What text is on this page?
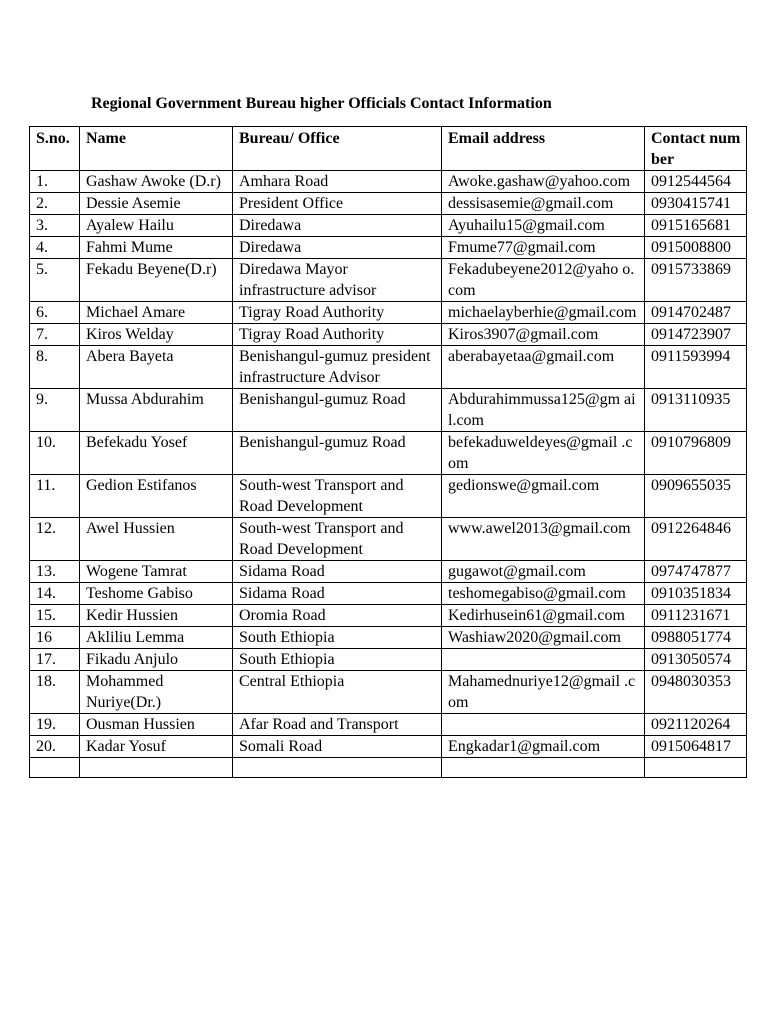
Regional Government Bureau higher Officials Contact Information
S.no.	Name	Bureau/ Office	Email address	Contact number
1.	Gashaw Awoke (D.r)	Amhara Road	Awoke.gashaw@yahoo.com	0912544564
2.	Dessie Asemie	President Office	dessisasemie@gmail.com	0930415741
3.	Ayalew Hailu	Diredawa	Ayuhailu15@gmail.com	0915165681
4.	Fahmi Mume	Diredawa	Fmume77@gmail.com	0915008800
5.	Fekadu Beyene(D.r)	Diredawa Mayor infrastructure advisor	Fekadubeyene2012@yaho o.com	0915733869
6.	Michael Amare	Tigray Road Authority	michaelayberhie@gmail.com	0914702487
7.	Kiros Welday	Tigray Road Authority	Kiros3907@gmail.com	0914723907
8.	Abera Bayeta	Benishangul-gumuz president infrastructure Advisor	aberabayetaa@gmail.com	0911593994
9.	Mussa Abdurahim	Benishangul-gumuz Road	Abdurahimmussa125@gm ail.com	0913110935
10.	Befekadu Yosef	Benishangul-gumuz Road	befekaduweldeyes@gmail .com	0910796809
11.	Gedion Estifanos	South-west Transport and Road Development	gedionswe@gmail.com	0909655035
12.	Awel Hussien	South-west Transport and Road Development	www.awel2013@gmail.com	0912264846
13.	Wogene Tamrat	Sidama Road	gugawot@gmail.com	0974747877
14.	Teshome Gabiso	Sidama Road	teshomegabiso@gmail.com	0910351834
15.	Kedir Hussien	Oromia Road	Kedirhusein61@gmail.com	0911231671
16	Akliliu Lemma	South Ethiopia	Washiaw2020@gmail.com	0988051774
17.	Fikadu Anjulo	South Ethiopia		0913050574
18.	Mohammed Nuriye(Dr.)	Central Ethiopia	Mahamednuriye12@gmail .com	0948030353
19.	Ousman Hussien	Afar Road and Transport		0921120264
20.	Kadar Yosuf	Somali Road	Engkadar1@gmail.com	0915064817
